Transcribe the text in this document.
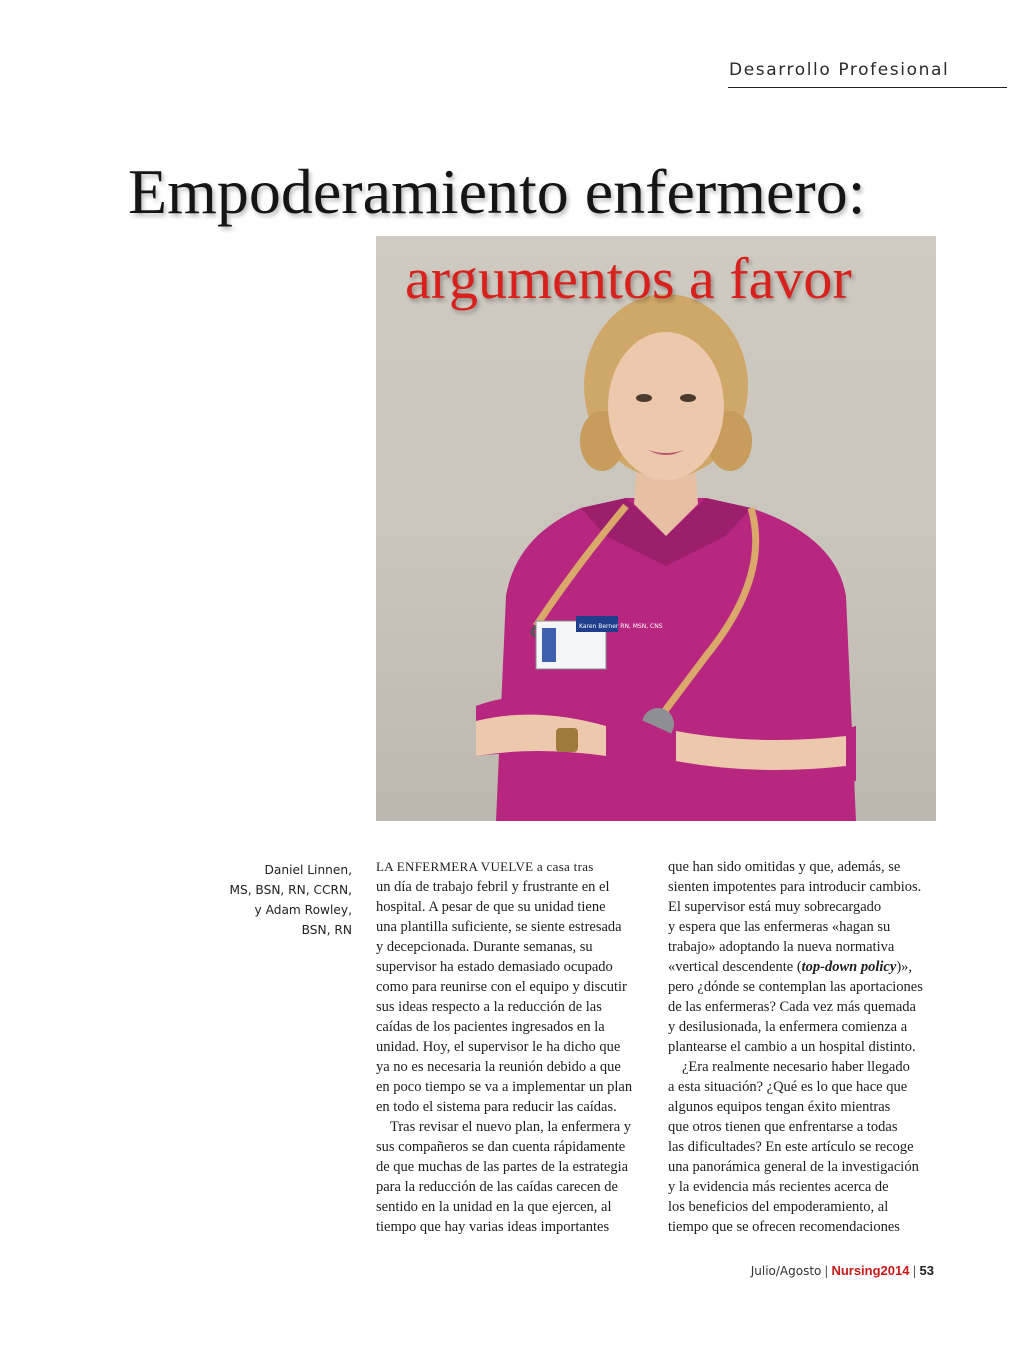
Desarrollo Profesional
Karen Berner RN, MSN, CNS
Empoderamiento enfermero:
argumentos a favor
Daniel Linnen,
MS, BSN, RN, CCRN,
y Adam Rowley,
BSN, RN
LA ENFERMERA VUELVE a casa tras
un día de trabajo febril y frustrante en el
hospital. A pesar de que su unidad tiene
una plantilla suficiente, se siente estresada
y decepcionada. Durante semanas, su
supervisor ha estado demasiado ocupado
como para reunirse con el equipo y discutir
sus ideas respecto a la reducción de las
caídas de los pacientes ingresados en la
unidad. Hoy, el supervisor le ha dicho que
ya no es necesaria la reunión debido a que
en poco tiempo se va a implementar un plan
en todo el sistema para reducir las caídas.
Tras revisar el nuevo plan, la enfermera y
sus compañeros se dan cuenta rápidamente
de que muchas de las partes de la estrategia
para la reducción de las caídas carecen de
sentido en la unidad en la que ejercen, al
tiempo que hay varias ideas importantes
que han sido omitidas y que, además, se
sienten impotentes para introducir cambios.
El supervisor está muy sobrecargado
y espera que las enfermeras «hagan su
trabajo» adoptando la nueva normativa
«vertical descendente (top-down policy)»,
pero ¿dónde se contemplan las aportaciones
de las enfermeras? Cada vez más quemada
y desilusionada, la enfermera comienza a
plantearse el cambio a un hospital distinto.
¿Era realmente necesario haber llegado
a esta situación? ¿Qué es lo que hace que
algunos equipos tengan éxito mientras
que otros tienen que enfrentarse a todas
las dificultades? En este artículo se recoge
una panorámica general de la investigación
y la evidencia más recientes acerca de
los beneficios del empoderamiento, al
tiempo que se ofrecen recomendaciones
Julio/Agosto | Nursing2014 | 53
